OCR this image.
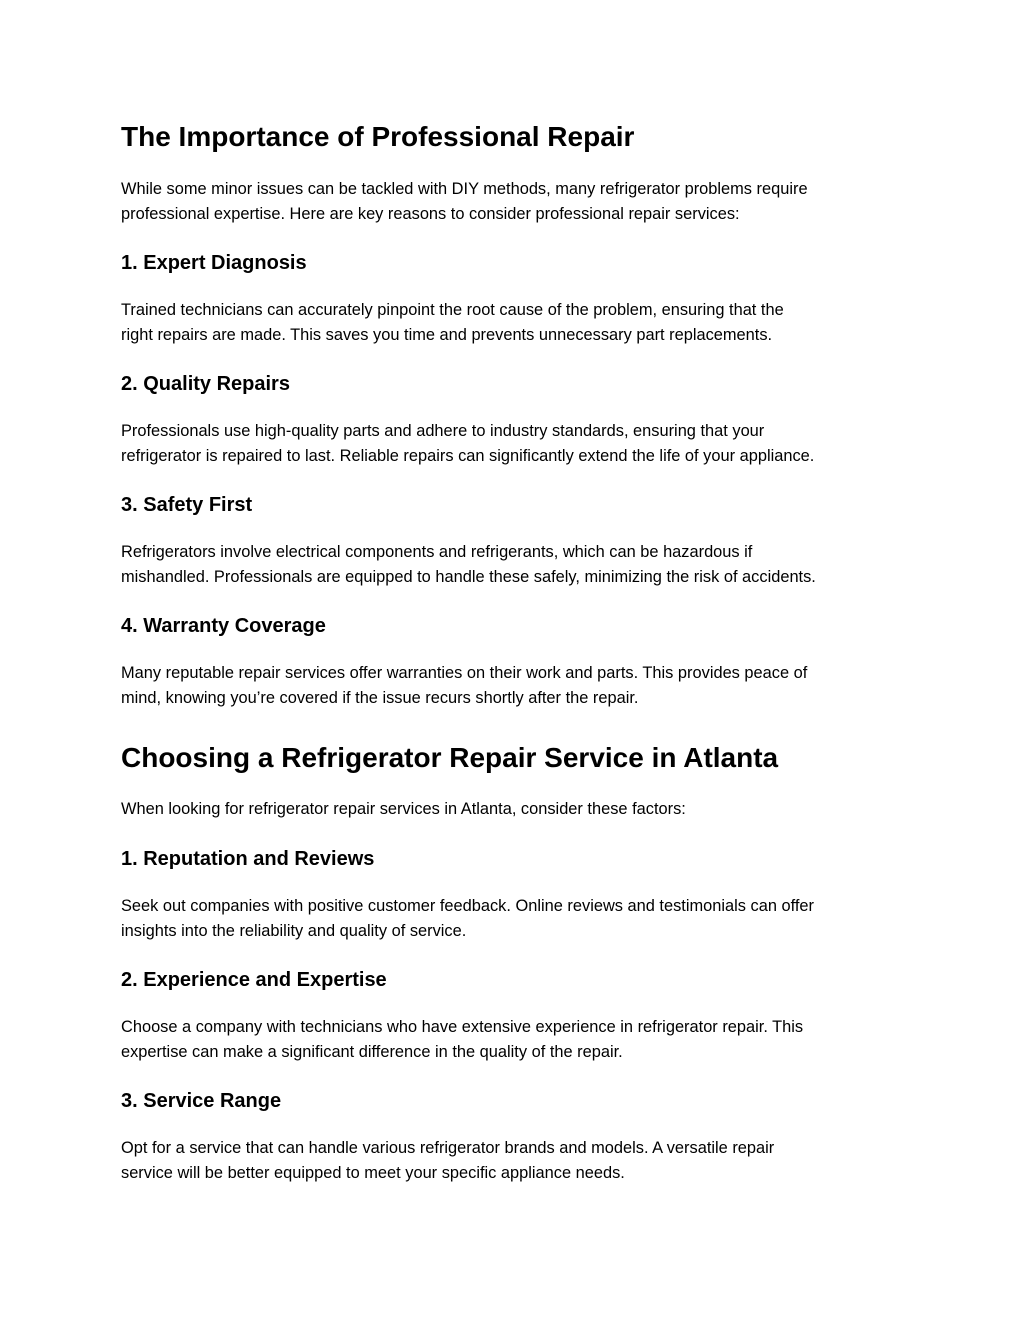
The Importance of Professional Repair

While some minor issues can be tackled with DIY methods, many refrigerator problems require
professional expertise. Here are key reasons to consider professional repair services:

1. Expert Diagnosis

Trained technicians can accurately pinpoint the root cause of the problem, ensuring that the
right repairs are made. This saves you time and prevents unnecessary part replacements.

2. Quality Repairs

Professionals use high-quality parts and adhere to industry standards, ensuring that your
refrigerator is repaired to last. Reliable repairs can significantly extend the life of your appliance.

3. Safety First

Refrigerators involve electrical components and refrigerants, which can be hazardous if
mishandled. Professionals are equipped to handle these safely, minimizing the risk of accidents.

4. Warranty Coverage

Many reputable repair services offer warranties on their work and parts. This provides peace of
mind, knowing you’re covered if the issue recurs shortly after the repair.

Choosing a Refrigerator Repair Service in Atlanta

When looking for refrigerator repair services in Atlanta, consider these factors:

1. Reputation and Reviews

Seek out companies with positive customer feedback. Online reviews and testimonials can offer
insights into the reliability and quality of service.

2. Experience and Expertise

Choose a company with technicians who have extensive experience in refrigerator repair. This
expertise can make a significant difference in the quality of the repair.

3. Service Range

Opt for a service that can handle various refrigerator brands and models. A versatile repair
service will be better equipped to meet your specific appliance needs.
